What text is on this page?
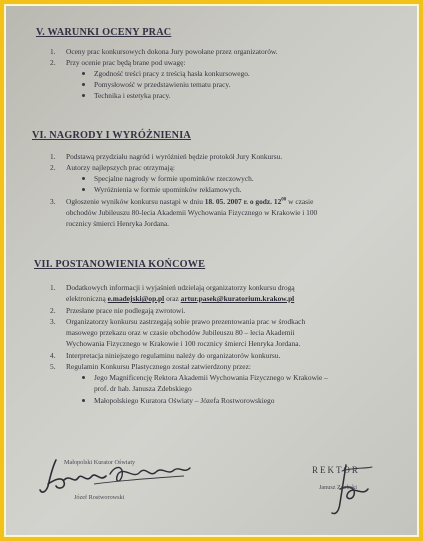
V. WARUNKI OCENY PRAC
1. Oceny prac konkursowych dokona Jury powołane przez organizatorów.
2. Przy ocenie prac będą brane pod uwagę:
Zgodność treści pracy z treścią hasła konkursowego.
Pomysłowość w przedstawieniu tematu pracy.
Technika i estetyka pracy.
VI. NAGRODY I WYRÓŻNIENIA
1. Podstawą przydziału nagród i wyróżnień będzie protokół Jury Konkursu.
2. Autorzy najlepszych prac otrzymają:
Specjalne nagrody w formie upominków rzeczowych.
Wyróżnienia w formie upominków reklamowych.
3. Ogłoszenie wyników konkursu nastąpi w dniu 18. 05. 2007 r. o godz. $12^{00}$ w czasie
obchodów Jubileuszu 80-lecia Akademii Wychowania Fizycznego w Krakowie i 100
rocznicy śmierci Henryka Jordana.
VII. POSTANOWIENIA KOŃCOWE
1. Dodatkowych informacji i wyjaśnień udzielają organizatorzy konkursu drogą
elektroniczną e.madejski@op.pl oraz artur.pasek@kuratorium.krakow.pl
2. Przesłane prace nie podlegają zwrotowi.
3. Organizatorzy konkursu zastrzegają sobie prawo prezentowania prac w środkach
masowego przekazu oraz w czasie obchodów Jubileuszu 80 – lecia Akademii
Wychowania Fizycznego w Krakowie i 100 rocznicy śmierci Henryka Jordana.
4. Interpretacja niniejszego regulaminu należy do organizatorów konkursu.
5. Regulamin Konkursu Plastycznego został zatwierdzony przez:
Jego Magnificencję Rektora Akademii Wychowania Fizycznego w Krakowie –
prof. dr hab. Janusza Zdebskiego
Małopolskiego Kuratora Oświaty – Józefa Rostworowskiego
Małopolski Kurator Oświaty
Józef Rostworowski
REKTOR
Janusz Zdebski
